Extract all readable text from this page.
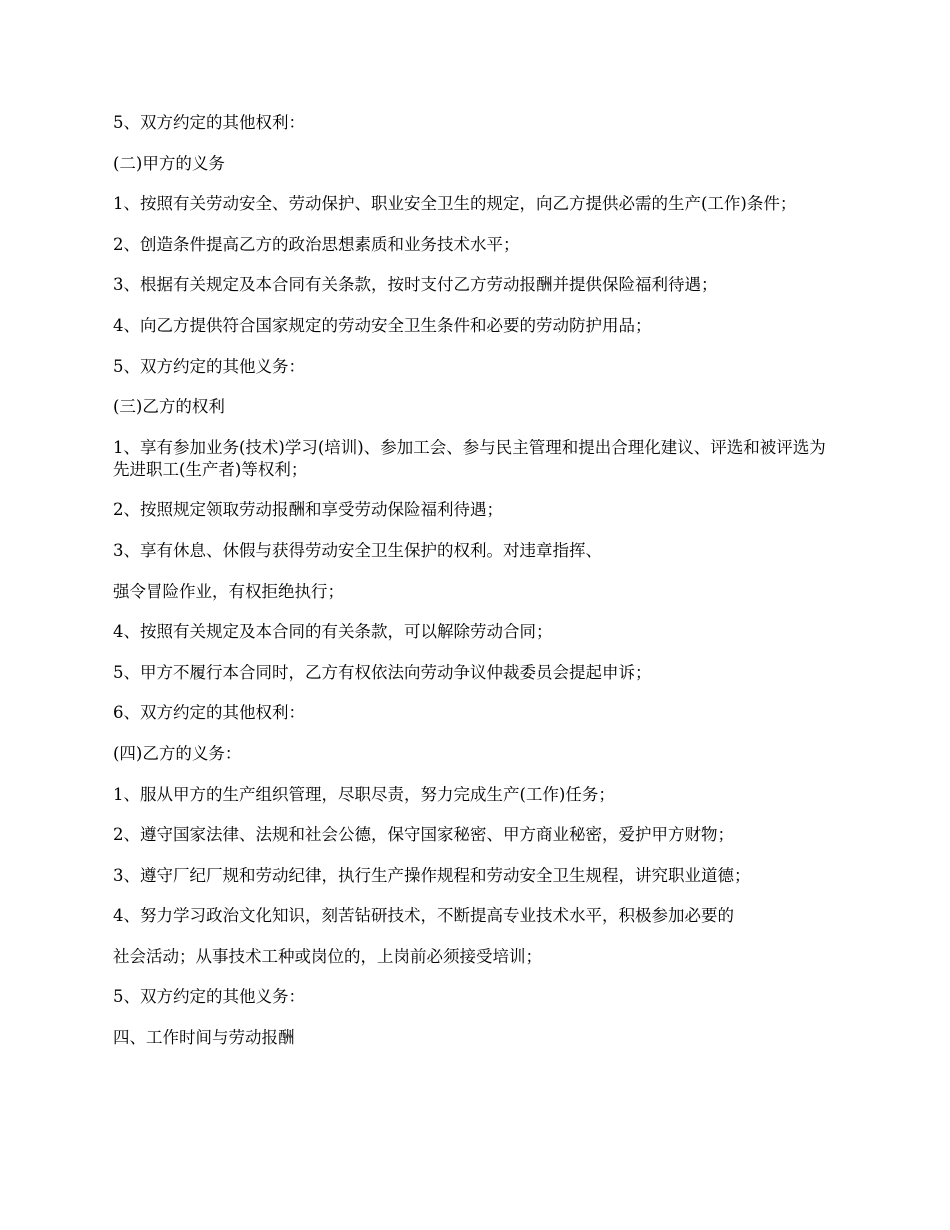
5、双方约定的其他权利：

(二)甲方的义务

1、按照有关劳动安全、劳动保护、职业安全卫生的规定，向乙方提供必需的生产(工作)条件；

2、创造条件提高乙方的政治思想素质和业务技术水平；

3、根据有关规定及本合同有关条款，按时支付乙方劳动报酬并提供保险福利待遇；

4、向乙方提供符合国家规定的劳动安全卫生条件和必要的劳动防护用品；

5、双方约定的其他义务：

(三)乙方的权利

1、享有参加业务(技术)学习(培训)、参加工会、参与民主管理和提出合理化建议、评选和被评选为先进职工(生产者)等权利；

2、按照规定领取劳动报酬和享受劳动保险福利待遇；

3、享有休息、休假与获得劳动安全卫生保护的权利。对违章指挥、

强令冒险作业，有权拒绝执行；

4、按照有关规定及本合同的有关条款，可以解除劳动合同；

5、甲方不履行本合同时，乙方有权依法向劳动争议仲裁委员会提起申诉；

6、双方约定的其他权利：

(四)乙方的义务：

1、服从甲方的生产组织管理，尽职尽责，努力完成生产(工作)任务；

2、遵守国家法律、法规和社会公德，保守国家秘密、甲方商业秘密，爱护甲方财物；

3、遵守厂纪厂规和劳动纪律，执行生产操作规程和劳动安全卫生规程，讲究职业道德；

4、努力学习政治文化知识，刻苦钻研技术，不断提高专业技术水平，积极参加必要的

社会活动；从事技术工种或岗位的，上岗前必须接受培训；

5、双方约定的其他义务：

四、工作时间与劳动报酬
